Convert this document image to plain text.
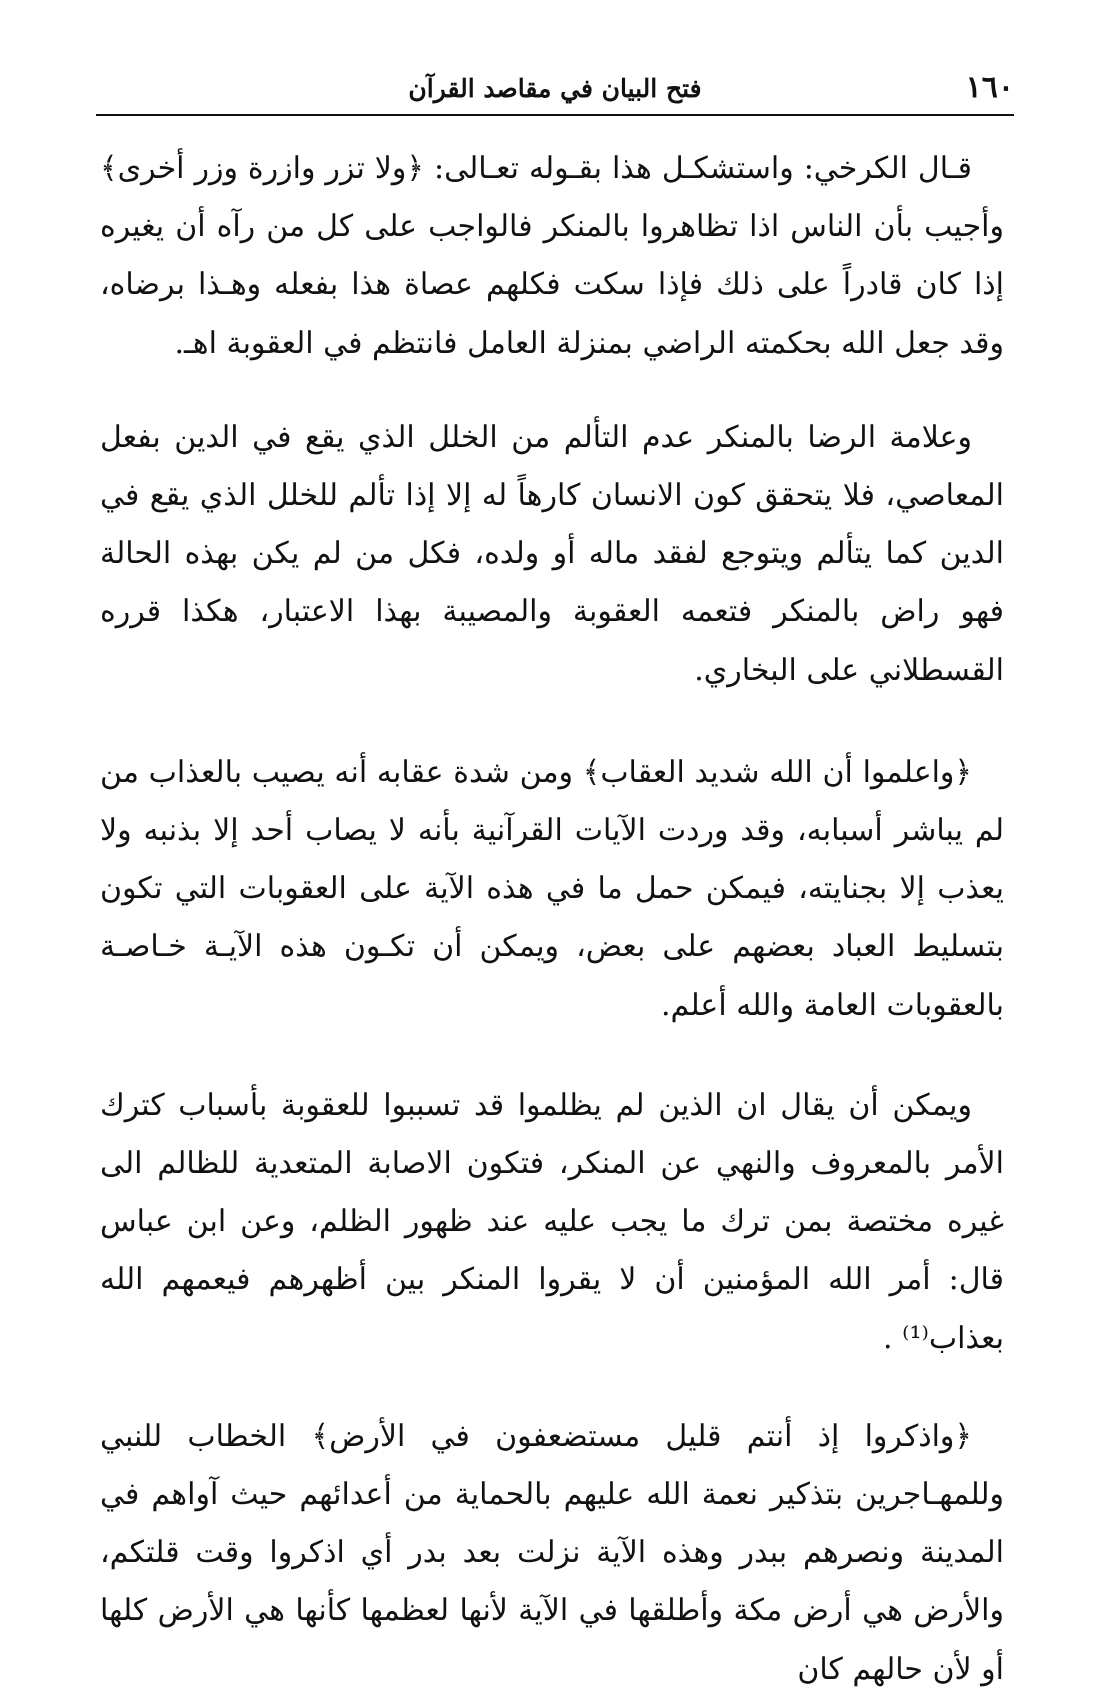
١٦٠
فتح البيان في مقاصد القرآن

قـال الكرخي: واستشكـل هذا بقـوله تعـالى: ﴿ولا تزر وازرة وزر أخرى﴾ وأجيب بأن الناس اذا تظاهروا بالمنكر فالواجب على كل من رآه أن يغيره إذا كان قادراً على ذلك فإذا سكت فكلهم عصاة هذا بفعله وهـذا برضاه، وقد جعل الله بحكمته الراضي بمنزلة العامل فانتظم في العقوبة اهـ.

وعلامة الرضا بالمنكر عدم التألم من الخلل الذي يقع في الدين بفعل المعاصي، فلا يتحقق كون الانسان كارهاً له إلا إذا تألم للخلل الذي يقع في الدين كما يتألم ويتوجع لفقد ماله أو ولده، فكل من لم يكن بهذه الحالة فهو راض بالمنكر فتعمه العقوبة والمصيبة بهذا الاعتبار، هكذا قرره القسطلاني على البخاري.

﴿واعلموا أن الله شديد العقاب﴾ ومن شدة عقابه أنه يصيب بالعذاب من لم يباشر أسبابه، وقد وردت الآيات القرآنية بأنه لا يصاب أحد إلا بذنبه ولا يعذب إلا بجنايته، فيمكن حمل ما في هذه الآية على العقوبات التي تكون بتسليط العباد بعضهم على بعض، ويمكن أن تكـون هذه الآيـة خـاصـة بالعقوبات العامة والله أعلم.

ويمكن أن يقال ان الذين لم يظلموا قد تسببوا للعقوبة بأسباب كترك الأمر بالمعروف والنهي عن المنكر، فتكون الاصابة المتعدية للظالم الى غيره مختصة بمن ترك ما يجب عليه عند ظهور الظلم، وعن ابن عباس قال: أمر الله المؤمنين أن لا يقروا المنكر بين أظهرهم فيعمهم الله بعذاب⁽¹⁾ .

﴿واذكروا إذ أنتم قليل مستضعفون في الأرض﴾ الخطاب للنبي وللمهـاجرين بتذكير نعمة الله عليهم بالحماية من أعدائهم حيث آواهم في المدينة ونصرهم ببدر وهذه الآية نزلت بعد بدر أي اذكروا وقت قلتكم، والأرض هي أرض مكة وأطلقها في الآية لأنها لعظمها كأنها هي الأرض كلها أو لأن حالهم كان
